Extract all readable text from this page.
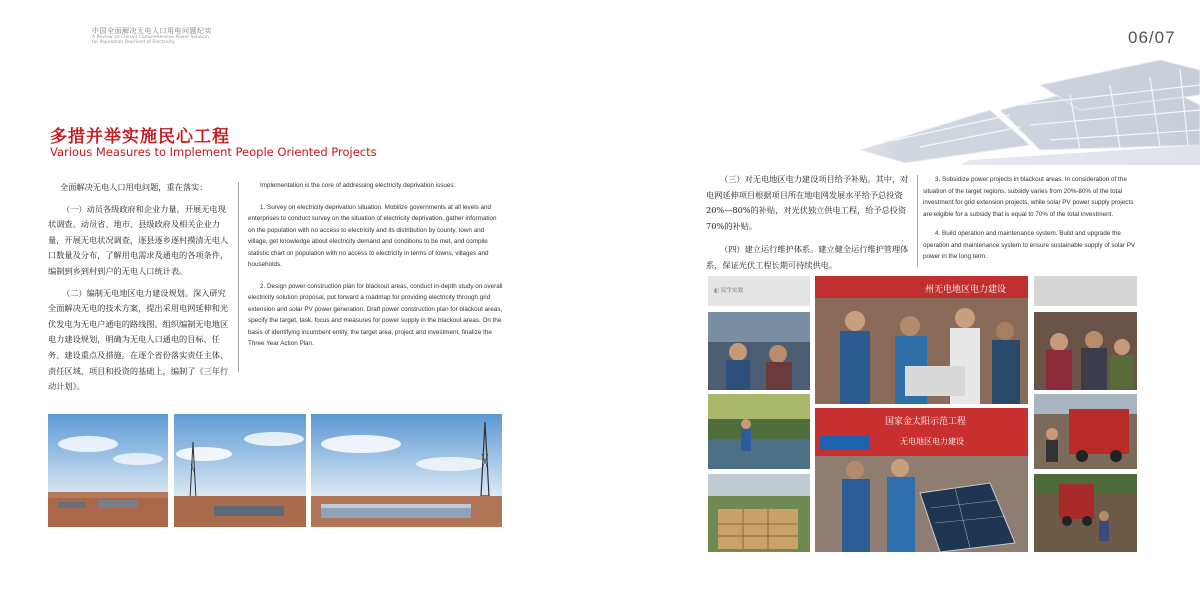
中国全面解决无电人口用电问题纪实
A Review on China's Comprehensive Power Solution
for Population Deprived of Electricity	06/07
多措并举实施民心工程
Various Measures to Implement People Oriented Projects

全面解决无电人口用电问题，重在落实：

（一）动员各级政府和企业力量，开展无电现状调查。动员省、地市、县级政府及相关企业力量，开展无电状况调查，逐县逐乡逐村摸清无电人口数量及分布，了解用电需求及通电的各项条件，编制到乡到村到户的无电人口统计表。

（二）编制无电地区电力建设规划。深入研究全面解决无电的技术方案，提出采用电网延伸和光伏发电为无电户通电的路线图。组织编制无电地区电力建设规划，明确为无电人口通电的目标、任务、建设重点及措施。在逐个省份落实责任主体、责任区域、项目和投资的基础上，编制了《三年行动计划》。

Implementation is the core of addressing electricity deprivation issues:

1. Survey on electricity deprivation situation. Mobilize governments at all levels and enterprises to conduct survey on the situation of electricity deprivation, gather information on the population with no access to electricity and its distribution by county, town and village, get knowledge about electricity demand and conditions to be met, and compile statistic chart on population with no access to electricity in terms of towns, villages and households.

2. Design power construction plan for blackout areas, conduct in-depth study on overall electricity solution proposal, put forward a roadmap for providing electricity through grid extension and solar PV power generation. Draft power construction plan for blackout areas, specify the target, task, focus and measures for power supply in the blackout areas. On the basis of identifying incumbent entity, the target area, project and investment, finalize the Three Year Action Plan.

（三）对无电地区电力建设项目给予补贴。其中，对电网延伸项目根据项目所在地电网发展水平给予总投资20%—80%的补贴，对光伏独立供电工程，给予总投资70%的补贴。

（四）建立运行维护体系。建立健全运行维护管理体系，保证光伏工程长期可持续供电。

3. Subsidize power projects in blackout areas. In consideration of the situation of the target regions, subsidy varies from 20%-80% of the total investment for grid extension projects, while solar PV power supply projects are eligible for a subsidy that is equal to 70% of the total investment.

4. Build operation and maintenance system. Build and upgrade the operation and maintenance system to ensure sustainable supply of solar PV power in the long term.

◧ 民生实效	州无电地区电力建设
国家金太阳示范工程
无电地区电力建设
